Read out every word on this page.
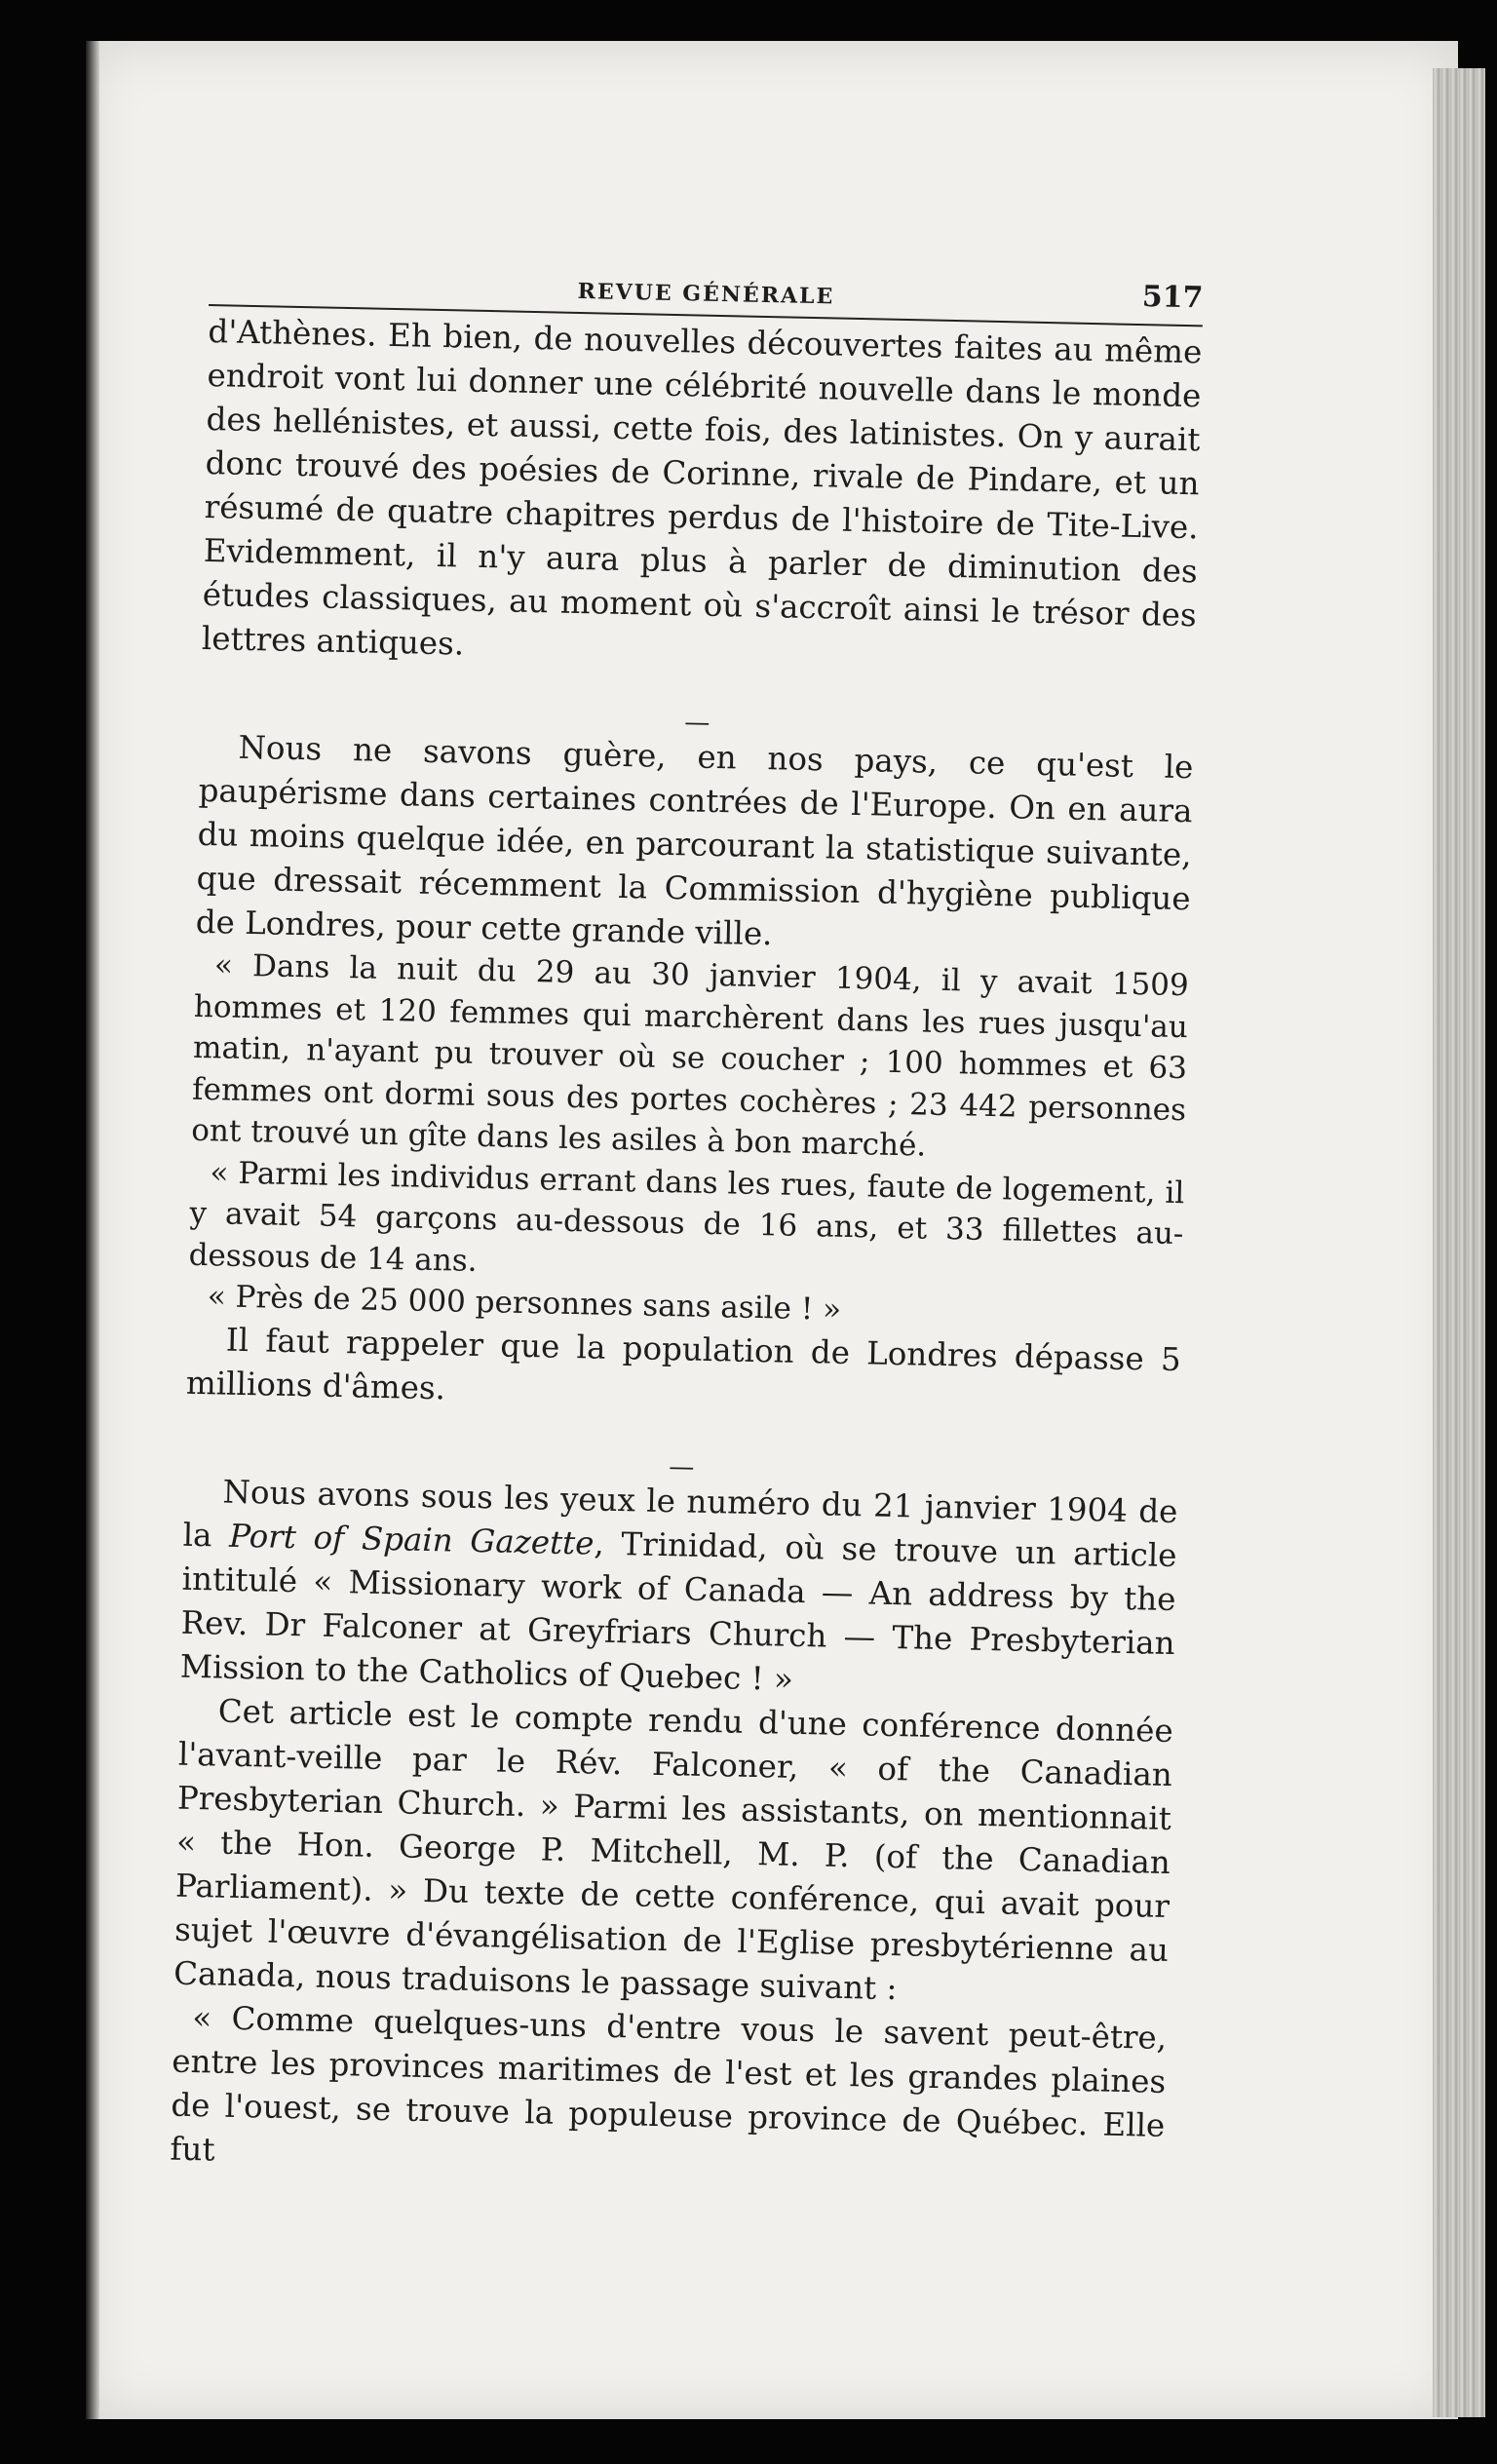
REVUE GÉNÉRALE	517

d'Athènes. Eh bien, de nouvelles découvertes faites au même endroit vont lui donner une célébrité nouvelle dans le monde des hellénistes, et aussi, cette fois, des latinistes. On y aurait donc trouvé des poésies de Corinne, rivale de Pindare, et un résumé de quatre chapitres perdus de l'histoire de Tite-Live. Evidemment, il n'y aura plus à parler de diminution des études classiques, au moment où s'accroît ainsi le trésor des lettres antiques.

—

Nous ne savons guère, en nos pays, ce qu'est le paupérisme dans certaines contrées de l'Europe. On en aura du moins quelque idée, en parcourant la statistique suivante, que dressait récemment la Commission d'hygiène publique de Londres, pour cette grande ville.

« Dans la nuit du 29 au 30 janvier 1904, il y avait 1509 hommes et 120 femmes qui marchèrent dans les rues jusqu'au matin, n'ayant pu trouver où se coucher ; 100 hommes et 63 femmes ont dormi sous des portes cochères ; 23 442 personnes ont trouvé un gîte dans les asiles à bon marché.

« Parmi les individus errant dans les rues, faute de logement, il y avait 54 garçons au-dessous de 16 ans, et 33 fillettes au-dessous de 14 ans.

« Près de 25 000 personnes sans asile ! »

Il faut rappeler que la population de Londres dépasse 5 millions d'âmes.

—

Nous avons sous les yeux le numéro du 21 janvier 1904 de la Port of Spain Gazette, Trinidad, où se trouve un article intitulé « Missionary work of Canada — An address by the Rev. Dr Falconer at Greyfriars Church — The Presbyterian Mission to the Catholics of Quebec ! »

Cet article est le compte rendu d'une conférence donnée l'avant-veille par le Rév. Falconer, « of the Canadian Presbyterian Church. » Parmi les assistants, on mentionnait « the Hon. George P. Mitchell, M. P. (of the Canadian Parliament). » Du texte de cette conférence, qui avait pour sujet l'œuvre d'évangélisation de l'Eglise presbytérienne au Canada, nous traduisons le passage suivant :

« Comme quelques-uns d'entre vous le savent peut-être, entre les provinces maritimes de l'est et les grandes plaines de l'ouest, se trouve la populeuse province de Québec. Elle fut
